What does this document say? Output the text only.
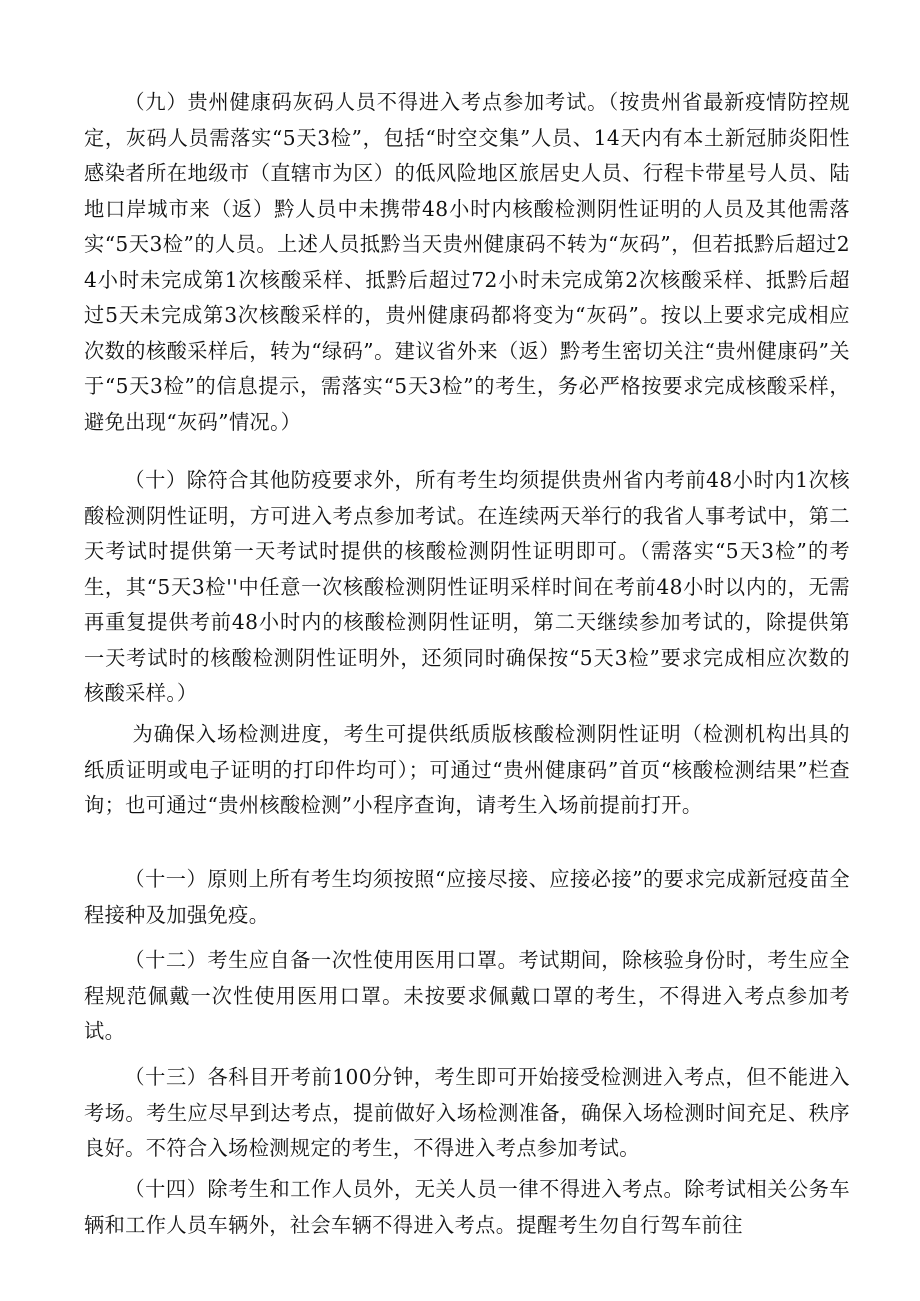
（九）贵州健康码灰码人员不得进入考点参加考试。（按贵州省最新疫情防控规定，灰码人员需落实“5天3检”，包括“时空交集”人员、14天内有本土新冠肺炎阳性感染者所在地级市（直辖市为区）的低风险地区旅居史人员、行程卡带星号人员、陆地口岸城市来（返）黔人员中未携带48小时内核酸检测阴性证明的人员及其他需落实“5天3检”的人员。上述人员抵黔当天贵州健康码不转为“灰码”，但若抵黔后超过24小时未完成第1次核酸采样、抵黔后超过72小时未完成第2次核酸采样、抵黔后超过5天未完成第3次核酸采样的，贵州健康码都将变为“灰码”。按以上要求完成相应次数的核酸采样后，转为“绿码”。建议省外来（返）黔考生密切关注“贵州健康码”关于“5天3检”的信息提示，需落实“5天3检”的考生，务必严格按要求完成核酸采样，避免出现“灰码”情况。）

（十）除符合其他防疫要求外，所有考生均须提供贵州省内考前48小时内1次核酸检测阴性证明，方可进入考点参加考试。在连续两天举行的我省人事考试中，第二天考试时提供第一天考试时提供的核酸检测阴性证明即可。（需落实“5天3检”的考生，其“5天3检''中任意一次核酸检测阴性证明采样时间在考前48小时以内的，无需再重复提供考前48小时内的核酸检测阴性证明，第二天继续参加考试的，除提供第一天考试时的核酸检测阴性证明外，还须同时确保按“5天3检”要求完成相应次数的核酸采样。）

为确保入场检测进度，考生可提供纸质版核酸检测阴性证明（检测机构出具的纸质证明或电子证明的打印件均可）；可通过“贵州健康码”首页“核酸检测结果”栏查询；也可通过“贵州核酸检测”小程序查询，请考生入场前提前打开。

（十一）原则上所有考生均须按照“应接尽接、应接必接”的要求完成新冠疫苗全程接种及加强免疫。

（十二）考生应自备一次性使用医用口罩。考试期间，除核验身份时，考生应全程规范佩戴一次性使用医用口罩。未按要求佩戴口罩的考生，不得进入考点参加考试。

（十三）各科目开考前100分钟，考生即可开始接受检测进入考点，但不能进入考场。考生应尽早到达考点，提前做好入场检测准备，确保入场检测时间充足、秩序良好。不符合入场检测规定的考生，不得进入考点参加考试。

（十四）除考生和工作人员外，无关人员一律不得进入考点。除考试相关公务车辆和工作人员车辆外，社会车辆不得进入考点。提醒考生勿自行驾车前往
